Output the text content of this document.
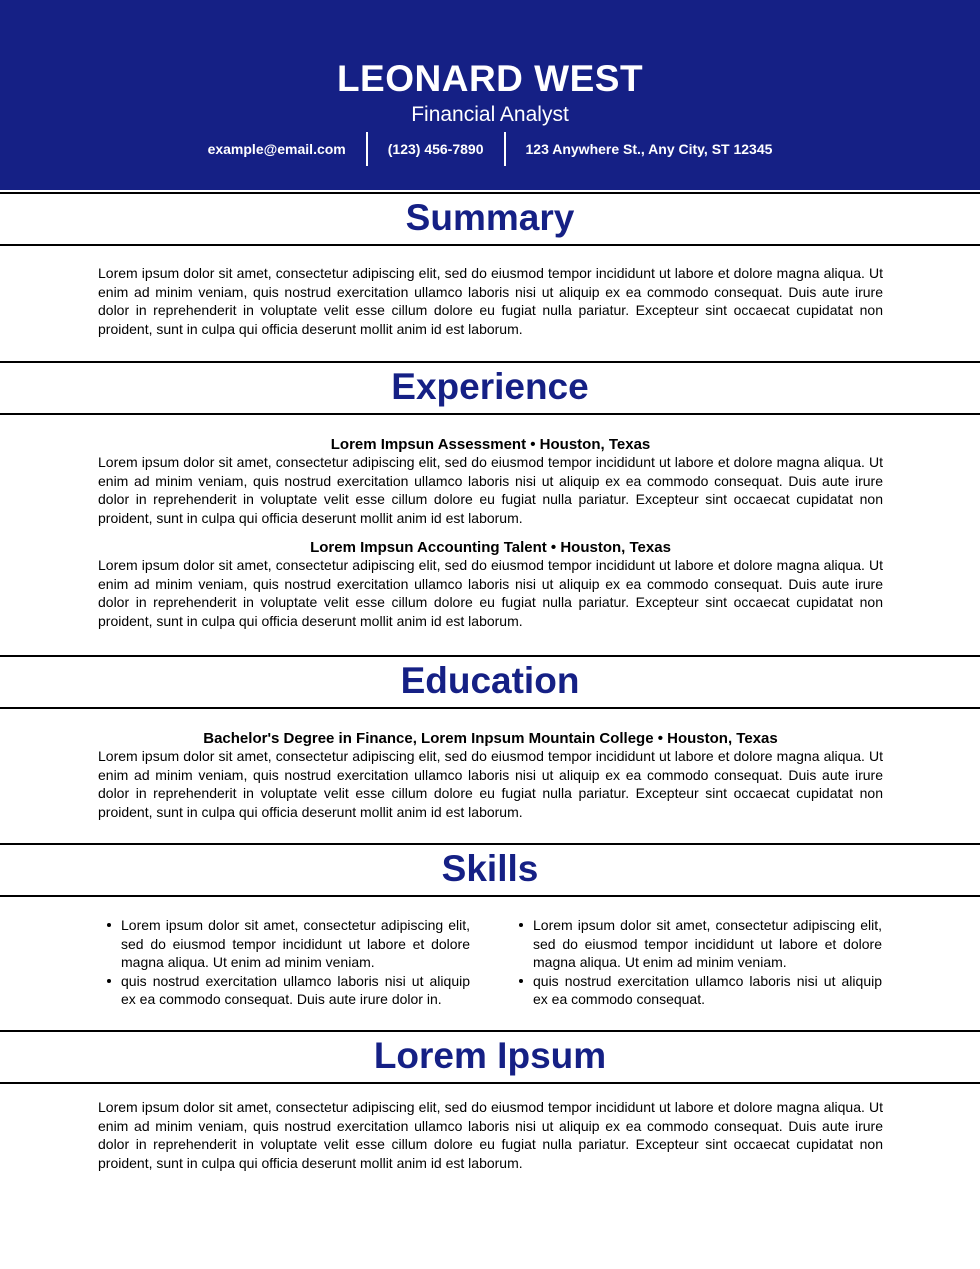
LEONARD WEST
Financial Analyst
example@email.com	(123) 456-7890	123 Anywhere St., Any City, ST 12345
Summary
Lorem ipsum dolor sit amet, consectetur adipiscing elit, sed do eiusmod tempor incididunt ut labore et dolore magna aliqua. Ut enim ad minim veniam, quis nostrud exercitation ullamco laboris nisi ut aliquip ex ea commodo consequat. Duis aute irure dolor in reprehenderit in voluptate velit esse cillum dolore eu fugiat nulla pariatur. Excepteur sint occaecat cupidatat non proident, sunt in culpa qui officia deserunt mollit anim id est laborum.
Experience
Lorem Impsun Assessment • Houston, Texas
Lorem ipsum dolor sit amet, consectetur adipiscing elit, sed do eiusmod tempor incididunt ut labore et dolore magna aliqua. Ut enim ad minim veniam, quis nostrud exercitation ullamco laboris nisi ut aliquip ex ea commodo consequat. Duis aute irure dolor in reprehenderit in voluptate velit esse cillum dolore eu fugiat nulla pariatur. Excepteur sint occaecat cupidatat non proident, sunt in culpa qui officia deserunt mollit anim id est laborum.
Lorem Impsun Accounting Talent • Houston, Texas
Lorem ipsum dolor sit amet, consectetur adipiscing elit, sed do eiusmod tempor incididunt ut labore et dolore magna aliqua. Ut enim ad minim veniam, quis nostrud exercitation ullamco laboris nisi ut aliquip ex ea commodo consequat. Duis aute irure dolor in reprehenderit in voluptate velit esse cillum dolore eu fugiat nulla pariatur. Excepteur sint occaecat cupidatat non proident, sunt in culpa qui officia deserunt mollit anim id est laborum.
Education
Bachelor's Degree in Finance, Lorem Inpsum Mountain College • Houston, Texas
Lorem ipsum dolor sit amet, consectetur adipiscing elit, sed do eiusmod tempor incididunt ut labore et dolore magna aliqua. Ut enim ad minim veniam, quis nostrud exercitation ullamco laboris nisi ut aliquip ex ea commodo consequat. Duis aute irure dolor in reprehenderit in voluptate velit esse cillum dolore eu fugiat nulla pariatur. Excepteur sint occaecat cupidatat non proident, sunt in culpa qui officia deserunt mollit anim id est laborum.
Skills
Lorem ipsum dolor sit amet, consectetur adipiscing elit, sed do eiusmod tempor incididunt ut labore et dolore magna aliqua. Ut enim ad minim veniam.
quis nostrud exercitation ullamco laboris nisi ut aliquip ex ea commodo consequat. Duis aute irure dolor in.
Lorem ipsum dolor sit amet, consectetur adipiscing elit, sed do eiusmod tempor incididunt ut labore et dolore magna aliqua. Ut enim ad minim veniam.
quis nostrud exercitation ullamco laboris nisi ut aliquip ex ea commodo consequat.
Lorem Ipsum
Lorem ipsum dolor sit amet, consectetur adipiscing elit, sed do eiusmod tempor incididunt ut labore et dolore magna aliqua. Ut enim ad minim veniam, quis nostrud exercitation ullamco laboris nisi ut aliquip ex ea commodo consequat. Duis aute irure dolor in reprehenderit in voluptate velit esse cillum dolore eu fugiat nulla pariatur. Excepteur sint occaecat cupidatat non proident, sunt in culpa qui officia deserunt mollit anim id est laborum.
